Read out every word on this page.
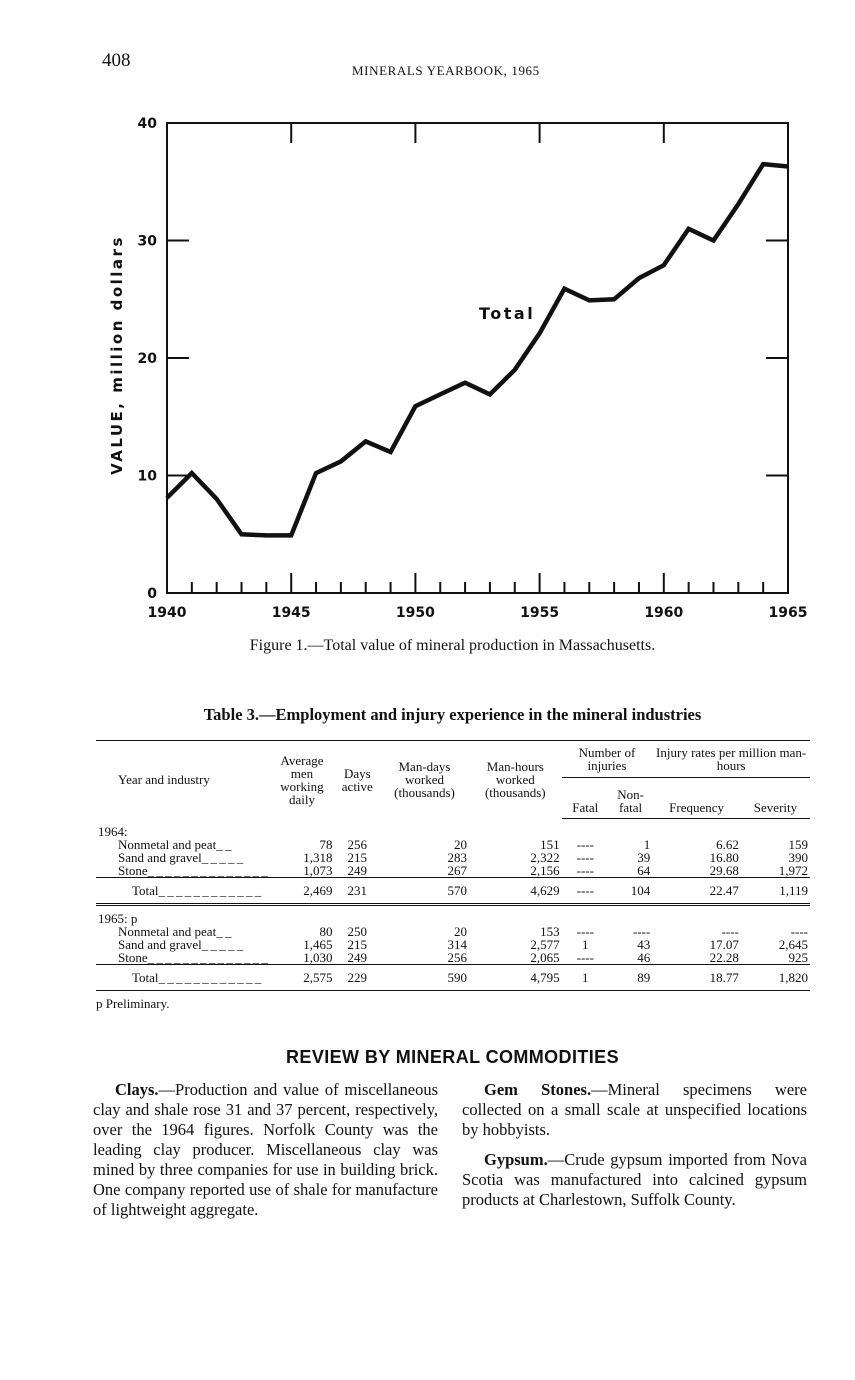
408	MINERALS YEARBOOK, 1965
0
10
20
30
40
1940	1945	1950	1955	1960	1965
Total
VALUE, million dollars
Figure 1.—Total value of mineral production in Massachusetts.
Table 3.—Employment and injury experience in the mineral industries
Year and industry	Average men working daily	Days active	Man-days worked (thousands)	Man-hours worked (thousands)	Number of injuries		Injury rates per million man-hours	
					Fatal	Non- fatal	Frequency	Severity
1964:								
Nonmetal and peat_ _	78	256	20	151	----	1	6.62	159
Sand and gravel_ _ _ _ _	1,318	215	283	2,322	----	39	16.80	390
Stone_ _ _ _ _ _ _ _ _ _ _ _ _ _	1,073	249	267	2,156	----	64	29.68	1,972
Total_ _ _ _ _ _ _ _ _ _ _ _	2,469	231	570	4,629	----	104	22.47	1,119
1965: p								
Nonmetal and peat_ _	80	250	20	153	----	----	----	----
Sand and gravel_ _ _ _ _	1,465	215	314	2,577	1	43	17.07	2,645
Stone_ _ _ _ _ _ _ _ _ _ _ _ _ _	1,030	249	256	2,065	----	46	22.28	925
Total_ _ _ _ _ _ _ _ _ _ _ _	2,575	229	590	4,795	1	89	18.77	1,820
p Preliminary.
REVIEW BY MINERAL COMMODITIES

Clays.—Production and value of miscellaneous clay and shale rose 31 and 37 percent, respectively, over the 1964 figures. Norfolk County was the leading clay producer. Miscellaneous clay was mined by three companies for use in building brick. One company reported use of shale for manufacture of lightweight aggregate.

Gem Stones.—Mineral specimens were collected on a small scale at unspecified locations by hobbyists.

Gypsum.—Crude gypsum imported from Nova Scotia was manufactured into calcined gypsum products at Charlestown, Suffolk County.
